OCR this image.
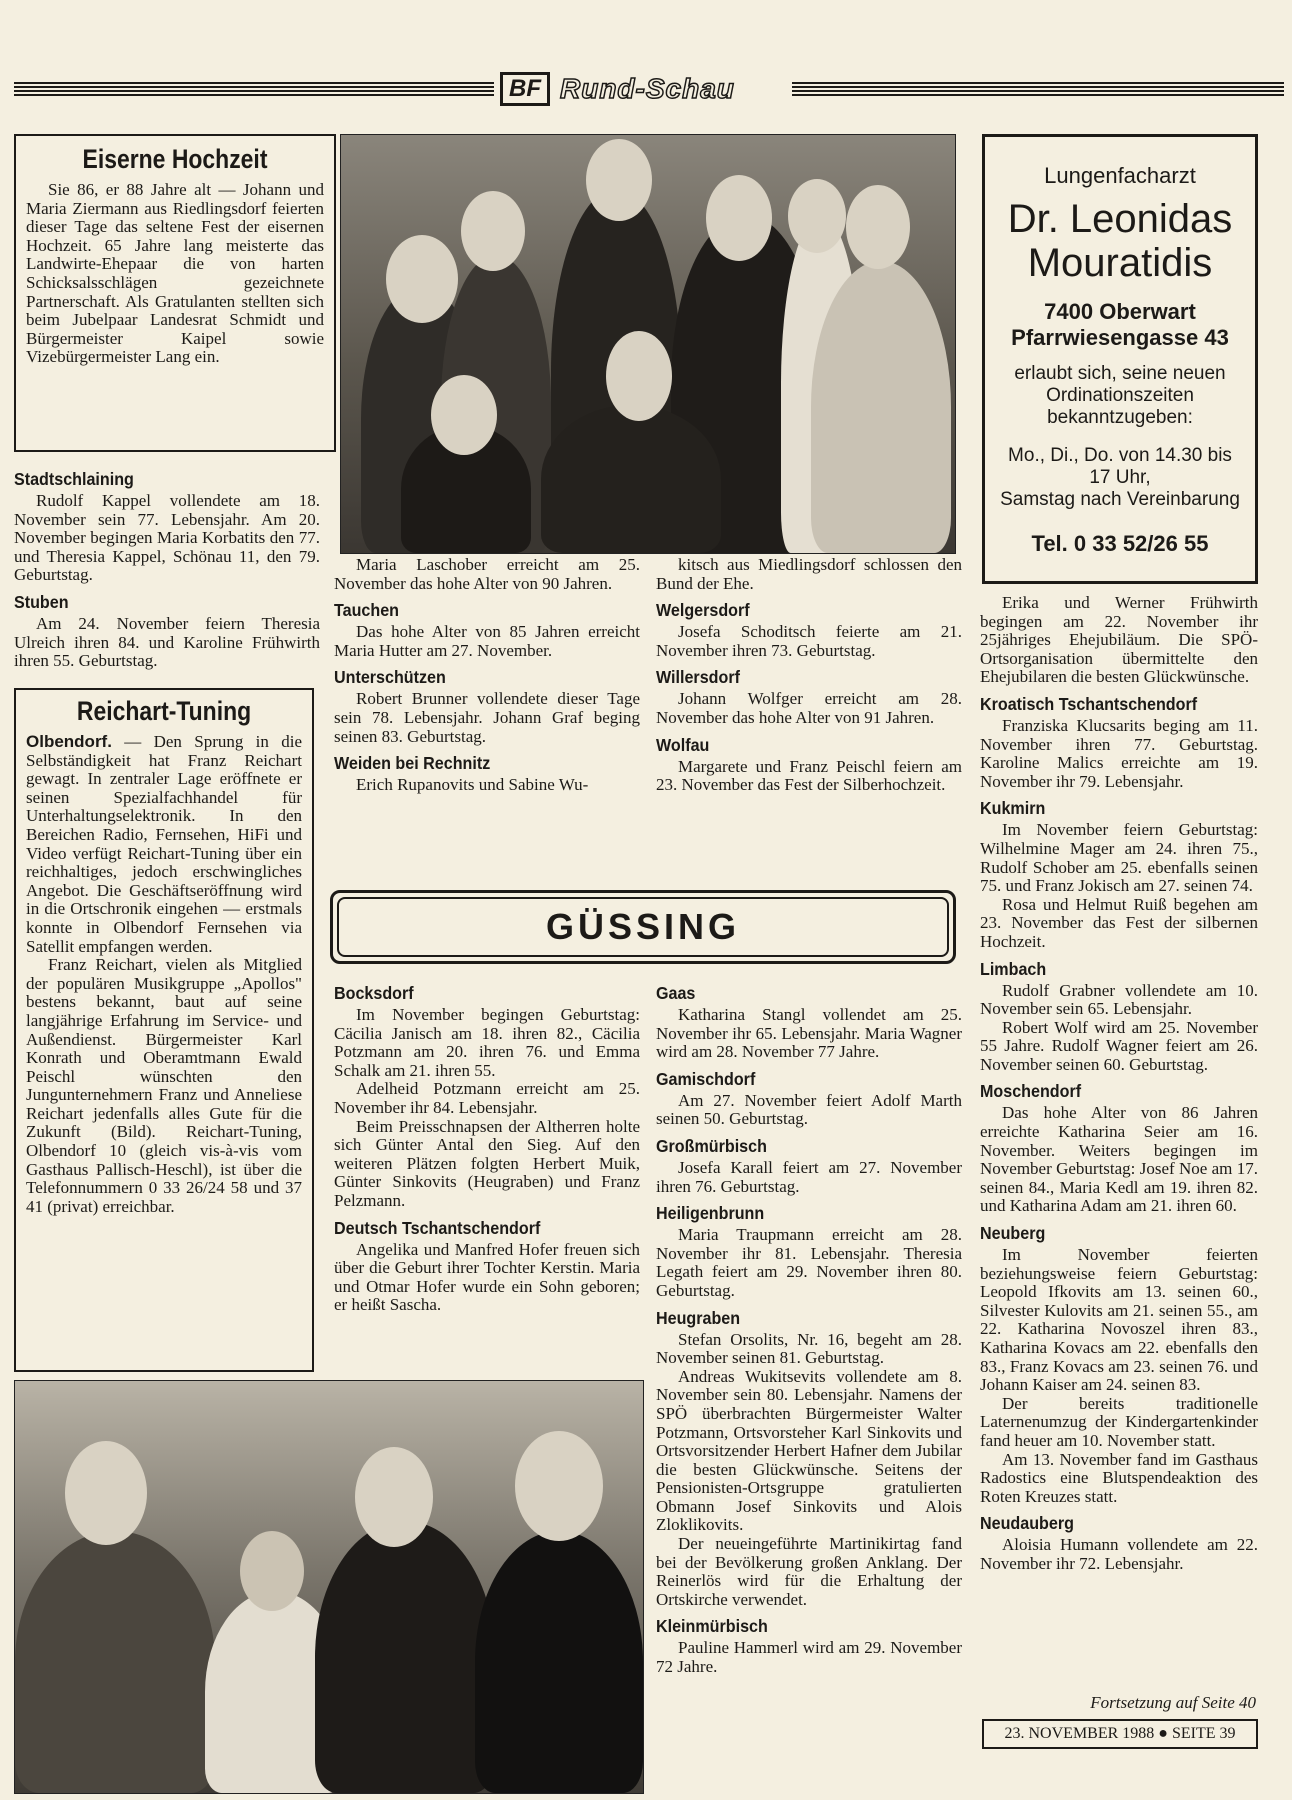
BF Rund-Schau
Eiserne Hochzeit

Sie 86, er 88 Jahre alt — Johann und Maria Ziermann aus Riedlingsdorf feierten dieser Tage das seltene Fest der eisernen Hochzeit. 65 Jahre lang meisterte das Landwirte-Ehepaar die von harten Schicksalsschlägen gezeichnete Partnerschaft. Als Gratulanten stellten sich beim Jubelpaar Landesrat Schmidt und Bürgermeister Kaipel sowie Vizebürgermeister Lang ein.

Stadtschlaining

Rudolf Kappel vollendete am 18. November sein 77. Lebensjahr. Am 20. November begingen Maria Korbatits den 77. und Theresia Kappel, Schönau 11, den 79. Geburtstag.

Stuben

Am 24. November feiern Theresia Ulreich ihren 84. und Karoline Frühwirth ihren 55. Geburtstag.

Reichart-Tuning

Olbendorf. — Den Sprung in die Selbständigkeit hat Franz Reichart gewagt. In zentraler Lage eröffnete er seinen Spezialfachhandel für Unterhaltungselektronik. In den Bereichen Radio, Fernsehen, HiFi und Video verfügt Reichart-Tuning über ein reichhaltiges, jedoch erschwingliches Angebot. Die Geschäftseröffnung wird in die Ortschronik eingehen — erstmals konnte in Olbendorf Fernsehen via Satellit empfangen werden.

Franz Reichart, vielen als Mitglied der populären Musikgruppe „Apollos" bestens bekannt, baut auf seine langjährige Erfahrung im Service- und Außendienst. Bürgermeister Karl Konrath und Oberamtmann Ewald Peischl wünschten den Jungunternehmern Franz und Anneliese Reichart jedenfalls alles Gute für die Zukunft (Bild). Reichart-Tuning, Olbendorf 10 (gleich vis-à-vis vom Gasthaus Pallisch-Heschl), ist über die Telefonnummern 0 33 26/24 58 und 37 41 (privat) erreichbar.

Maria Laschober erreicht am 25. November das hohe Alter von 90 Jahren.

Tauchen

Das hohe Alter von 85 Jahren erreicht Maria Hutter am 27. November.

Unterschützen

Robert Brunner vollendete dieser Tage sein 78. Lebensjahr. Johann Graf beging seinen 83. Geburtstag.

Weiden bei Rechnitz

Erich Rupanovits und Sabine Wu-

kitsch aus Miedlingsdorf schlossen den Bund der Ehe.

Welgersdorf

Josefa Schoditsch feierte am 21. November ihren 73. Geburtstag.

Willersdorf

Johann Wolfger erreicht am 28. November das hohe Alter von 91 Jahren.

Wolfau

Margarete und Franz Peischl feiern am 23. November das Fest der Silberhochzeit.

GÜSSING
Bocksdorf

Im November begingen Geburtstag: Cäcilia Janisch am 18. ihren 82., Cäcilia Potzmann am 20. ihren 76. und Emma Schalk am 21. ihren 55.

Adelheid Potzmann erreicht am 25. November ihr 84. Lebensjahr.

Beim Preisschnapsen der Altherren holte sich Günter Antal den Sieg. Auf den weiteren Plätzen folgten Herbert Muik, Günter Sinkovits (Heugraben) und Franz Pelzmann.

Deutsch Tschantschendorf

Angelika und Manfred Hofer freuen sich über die Geburt ihrer Tochter Kerstin. Maria und Otmar Hofer wurde ein Sohn geboren; er heißt Sascha.

Gaas

Katharina Stangl vollendet am 25. November ihr 65. Lebensjahr. Maria Wagner wird am 28. November 77 Jahre.

Gamischdorf

Am 27. November feiert Adolf Marth seinen 50. Geburtstag.

Großmürbisch

Josefa Karall feiert am 27. November ihren 76. Geburtstag.

Heiligenbrunn

Maria Traupmann erreicht am 28. November ihr 81. Lebensjahr. Theresia Legath feiert am 29. November ihren 80. Geburtstag.

Heugraben

Stefan Orsolits, Nr. 16, begeht am 28. November seinen 81. Geburtstag.

Andreas Wukitsevits vollendete am 8. November sein 80. Lebensjahr. Namens der SPÖ überbrachten Bürgermeister Walter Potzmann, Ortsvorsteher Karl Sinkovits und Ortsvorsitzender Herbert Hafner dem Jubilar die besten Glückwünsche. Seitens der Pensionisten-Ortsgruppe gratulierten Obmann Josef Sinkovits und Alois Zloklikovits.

Der neueingeführte Martinikirtag fand bei der Bevölkerung großen Anklang. Der Reinerlös wird für die Erhaltung der Ortskirche verwendet.

Kleinmürbisch

Pauline Hammerl wird am 29. November 72 Jahre.

Lungenfacharzt
Dr. Leonidas
Mouratidis
7400 Oberwart
Pfarrwiesengasse 43
erlaubt sich, seine neuen Ordinationszeiten bekanntzugeben:
Mo., Di., Do. von 14.30 bis 17 Uhr,
Samstag nach Vereinbarung
Tel. 0 33 52/26 55

Erika und Werner Frühwirth begingen am 22. November ihr 25jähriges Ehejubiläum. Die SPÖ-Ortsorganisation übermittelte den Ehejubilaren die besten Glückwünsche.

Kroatisch Tschantschendorf

Franziska Klucsarits beging am 11. November ihren 77. Geburtstag. Karoline Malics erreichte am 19. November ihr 79. Lebensjahr.

Kukmirn

Im November feiern Geburtstag: Wilhelmine Mager am 24. ihren 75., Rudolf Schober am 25. ebenfalls seinen 75. und Franz Jokisch am 27. seinen 74.

Rosa und Helmut Ruiß begehen am 23. November das Fest der silbernen Hochzeit.

Limbach

Rudolf Grabner vollendete am 10. November sein 65. Lebensjahr.

Robert Wolf wird am 25. November 55 Jahre. Rudolf Wagner feiert am 26. November seinen 60. Geburtstag.

Moschendorf

Das hohe Alter von 86 Jahren erreichte Katharina Seier am 16. November. Weiters begingen im November Geburtstag: Josef Noe am 17. seinen 84., Maria Kedl am 19. ihren 82. und Katharina Adam am 21. ihren 60.

Neuberg

Im November feierten beziehungsweise feiern Geburtstag: Leopold Ifkovits am 13. seinen 60., Silvester Kulovits am 21. seinen 55., am 22. Katharina Novoszel ihren 83., Katharina Kovacs am 22. ebenfalls den 83., Franz Kovacs am 23. seinen 76. und Johann Kaiser am 24. seinen 83.

Der bereits traditionelle Laternenumzug der Kindergartenkinder fand heuer am 10. November statt.

Am 13. November fand im Gasthaus Radostics eine Blutspendeaktion des Roten Kreuzes statt.

Neudauberg

Aloisia Humann vollendete am 22. November ihr 72. Lebensjahr.

Fortsetzung auf Seite 40
23. NOVEMBER 1988 ● SEITE 39
